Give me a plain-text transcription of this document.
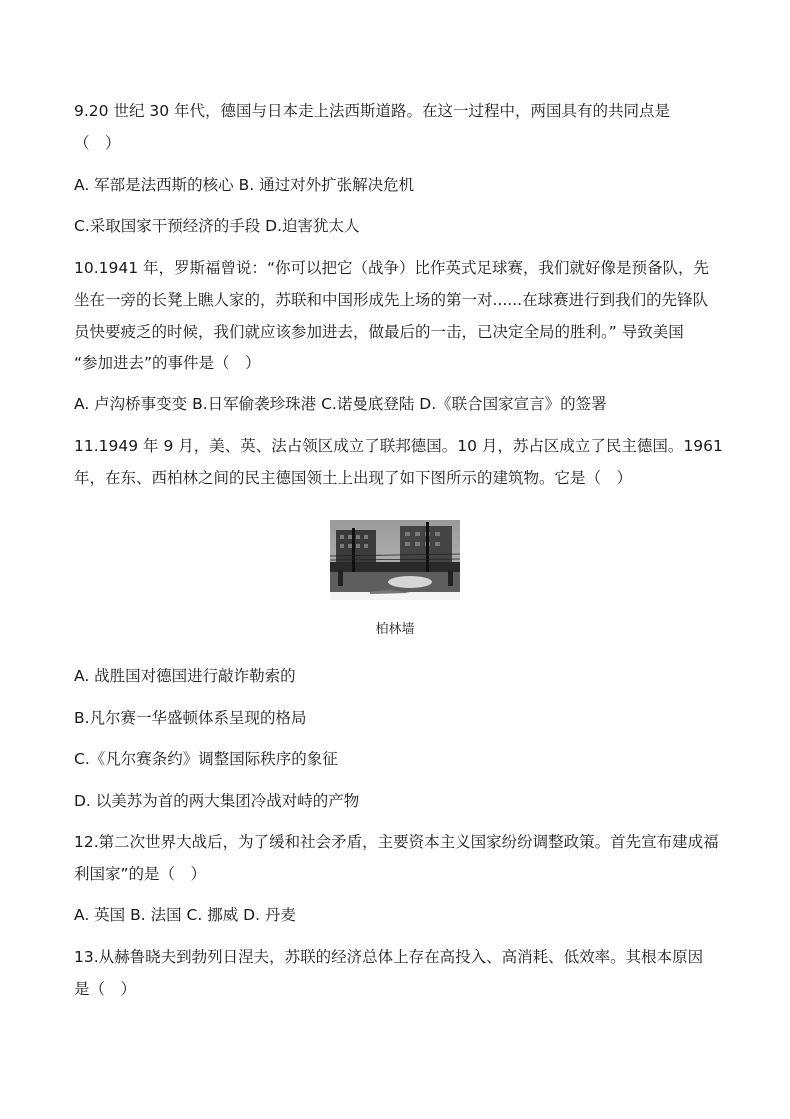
9.20 世纪 30 年代，德国与日本走上法西斯道路。在这一过程中，两国具有的共同点是
（　）
A. 军部是法西斯的核心 B. 通过对外扩张解决危机
C.采取国家干预经济的手段 D.迫害犹太人
10.1941 年，罗斯福曾说：“你可以把它（战争）比作英式足球赛，我们就好像是预备队，先
坐在一旁的长凳上瞧人家的，苏联和中国形成先上场的第一对......在球赛进行到我们的先锋队
员快要疲乏的时候，我们就应该参加进去，做最后的一击，已决定全局的胜利。” 导致美国
“参加进去”的事件是（　）
A. 卢沟桥事变变 B.日军偷袭珍珠港 C.诺曼底登陆 D.《联合国家宣言》的签署
11.1949 年 9 月，美、英、法占领区成立了联邦德国。10 月，苏占区成立了民主德国。1961
年，在东、西柏林之间的民主德国领土上出现了如下图所示的建筑物。它是（　）
柏林墙
A. 战胜国对德国进行敲诈勒索的
B.凡尔赛一华盛顿体系呈现的格局
C.《凡尔赛条约》调整国际秩序的象征
D. 以美苏为首的两大集团冷战对峙的产物
12.第二次世界大战后，为了缓和社会矛盾，主要资本主义国家纷纷调整政策。首先宣布建成福
利国家”的是（　）
A. 英国 B. 法国 C. 挪威 D. 丹麦
13.从赫鲁晓夫到勃列日涅夫，苏联的经济总体上存在高投入、高消耗、低效率。其根本原因
是（　）
